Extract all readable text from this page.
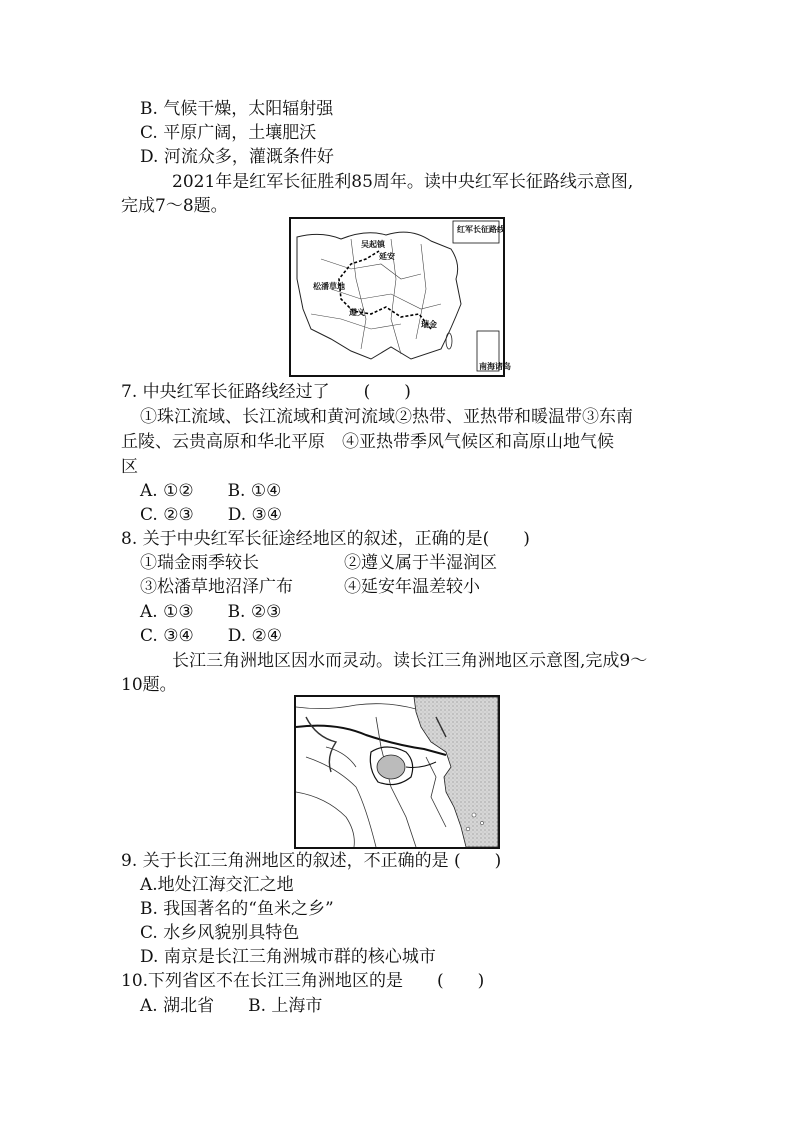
B. 气候干燥，太阳辐射强
C. 平原广阔，土壤肥沃
D. 河流众多，灌溉条件好
2021年是红军长征胜利85周年。读中央红军长征路线示意图,
完成7～8题。
红军长征路线
吴起镇
延安
松潘草地
遵义
瑞金
南海诸岛
7. 中央红军长征路线经过了　　(　　)
①珠江流域、长江流域和黄河流域②热带、亚热带和暖温带③东南
丘陵、云贵高原和华北平原　④亚热带季风气候区和高原山地气候
区
A. ①②　　B. ①④
C. ②③　　D. ③④
8. 关于中央红军长征途经地区的叙述，正确的是(　　)
①瑞金雨季较长　　　　　②遵义属于半湿润区
③松潘草地沼泽广布　　　④延安年温差较小
A. ①③　　B. ②③
C. ③④　　D. ②④
长江三角洲地区因水而灵动。读长江三角洲地区示意图,完成9～
10题。
9. 关于长江三角洲地区的叙述，不正确的是 (　　)
A.地处江海交汇之地
B. 我国著名的“鱼米之乡”
C. 水乡风貌别具特色
D. 南京是长江三角洲城市群的核心城市
10.下列省区不在长江三角洲地区的是　　(　　)
A. 湖北省　　B. 上海市
